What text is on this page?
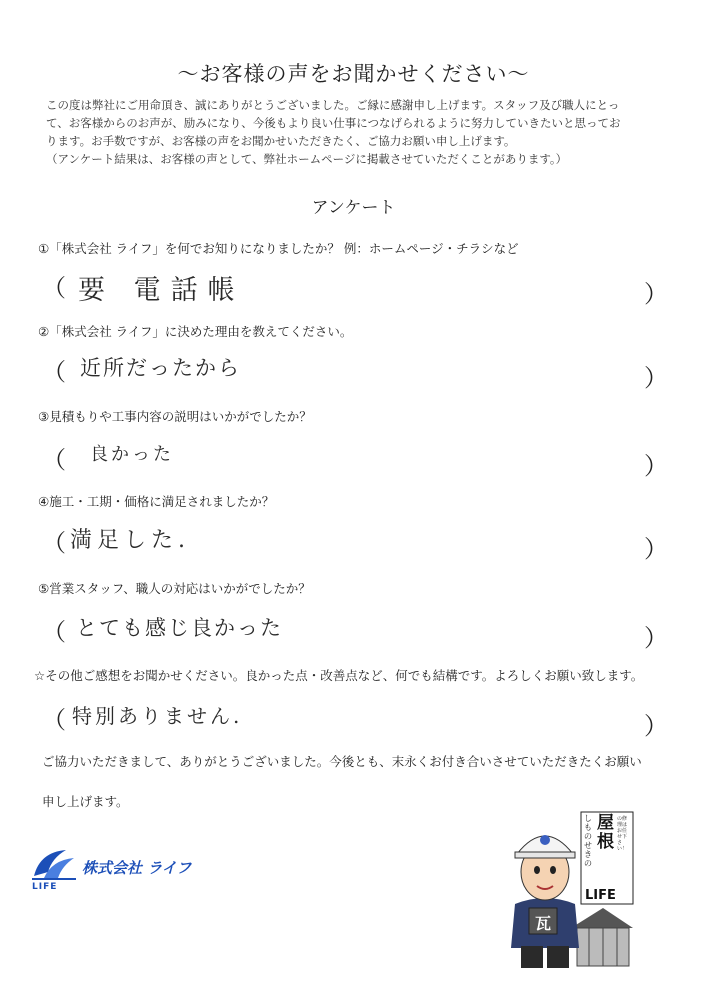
～お客様の声をお聞かせください～
この度は弊社にご用命頂き、誠にありがとうございました。ご縁に感謝申し上げます。スタッフ及び職人にとっ
て、お客様からのお声が、励みになり、今後もより良い仕事につなげられるように努力していきたいと思ってお
ります。お手数ですが、お客様の声をお聞かせいただきたく、ご協力お願い申し上げます。
（アンケート結果は、お客様の声として、弊社ホームページに掲載させていただくことがあります。）
アンケート
①「株式会社 ライフ」を何でお知りになりましたか？ 例：ホームページ・チラシなど
（ 要 電話帳	）
②「株式会社 ライフ」に決めた理由を教えてください。
（ 近所だったから	）
③見積もりや工事内容の説明はいかがでしたか？
（ 良かった	）
④施工・工期・価格に満足されましたか？
（ 満足した.	）
⑤営業スタッフ、職人の対応はいかがでしたか？
（ とても感じ良かった	）
☆その他ご感想をお聞かせください。良かった点・改善点など、何でも結構です。よろしくお願い致します。
（ 特別ありません.	）
ご協力いただきまして、ありがとうございました。今後とも、末永くお付き合いさせていただきたくお願い
申し上げます。
LIFE
株式会社 ライフ
しものせきの
屋根
の修理はお任せ下さい！
LIFE
瓦
